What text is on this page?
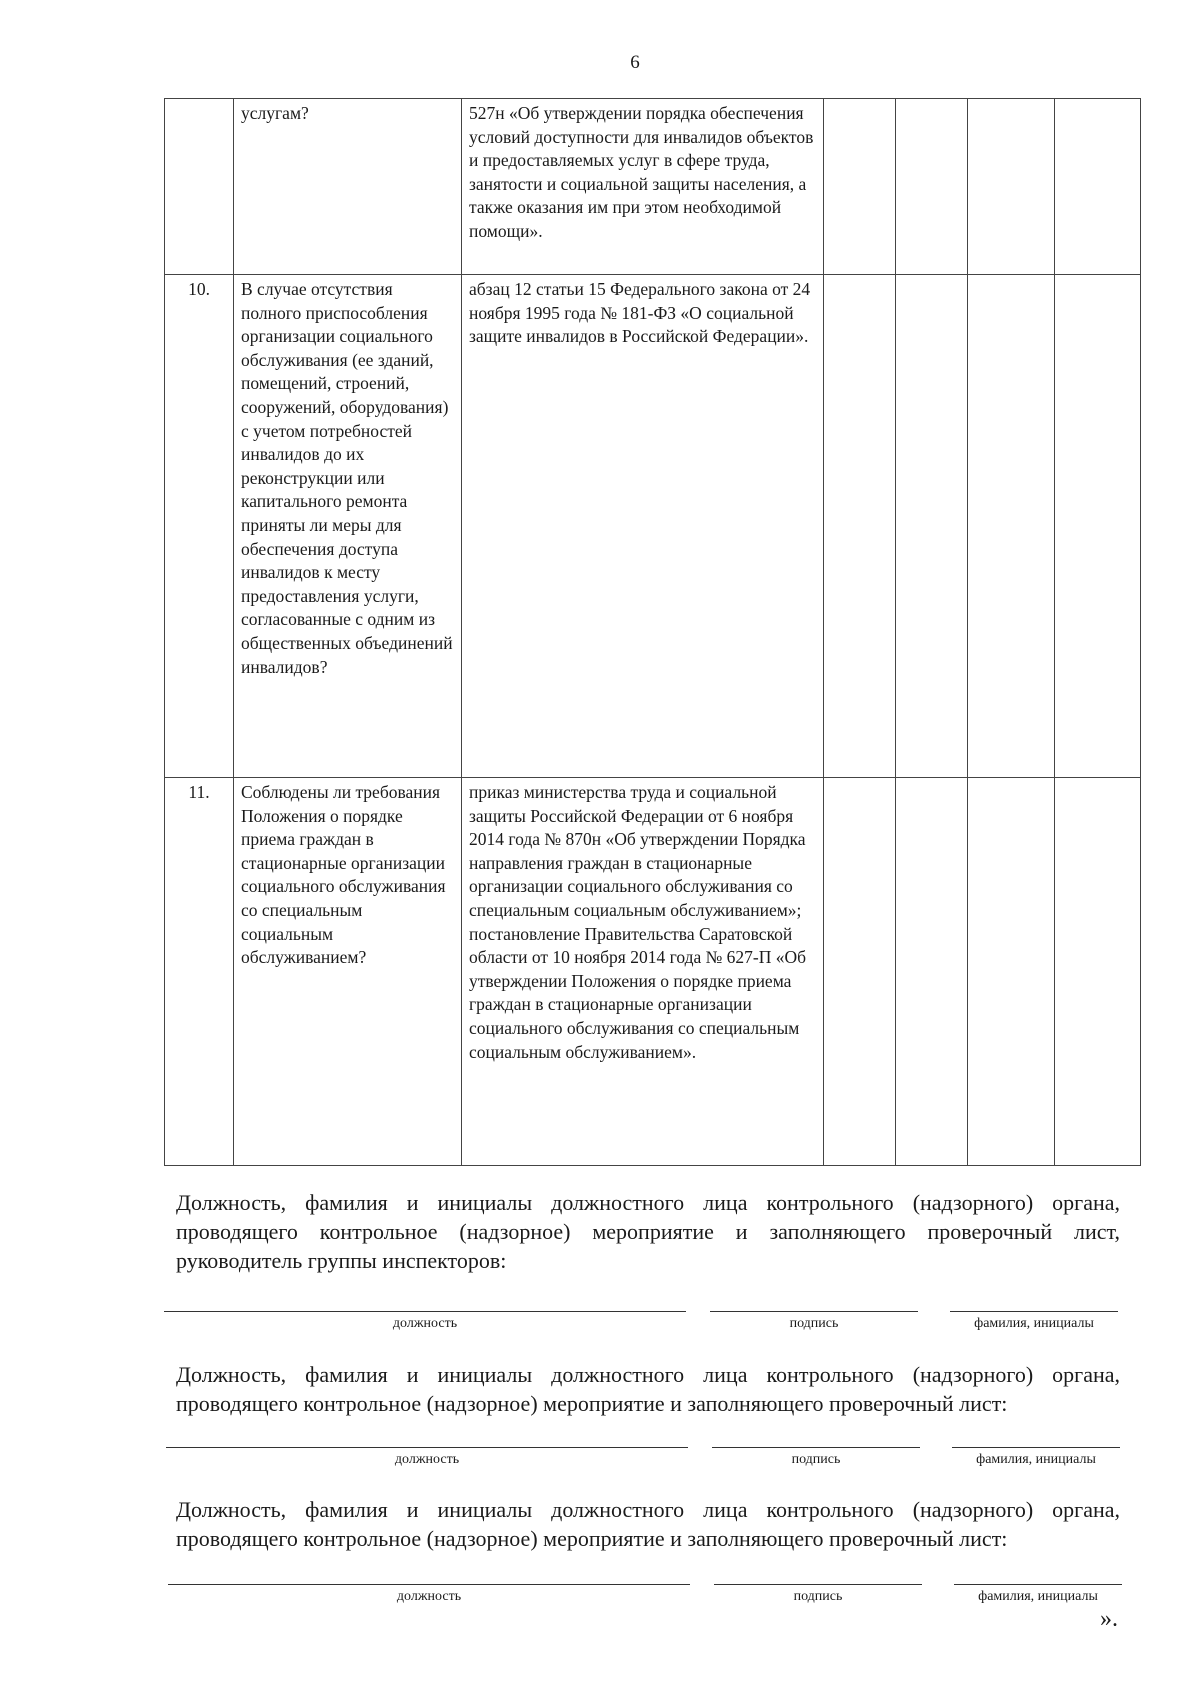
6
	услугам?	527н «Об утверждении порядка обеспечения условий доступности для инвалидов объектов и предоставляемых услуг в сфере труда, занятости и социальной защиты населения, а также оказания им при этом необходимой помощи».				
10.	В случае отсутствия полного приспособления организации социального обслуживания (ее зданий, помещений, строений, сооружений, оборудования) с учетом потребностей инвалидов до их реконструкции или капитального ремонта приняты ли меры для обеспечения доступа инвалидов к месту предоставления услуги, согласованные с одним из общественных объединений инвалидов?	абзац 12 статьи 15 Федерального закона от 24 ноября 1995 года № 181-ФЗ «О социальной защите инвалидов в Российской Федерации».				
11.	Соблюдены ли требования Положения о порядке приема граждан в стационарные организации социального обслуживания со специальным социальным обслуживанием?	приказ министерства труда и социальной защиты Российской Федерации от 6 ноября 2014 года № 870н «Об утверждении Порядка направления граждан в стационарные организации социального обслуживания со специальным социальным обслуживанием»; постановление Правительства Саратовской области от 10 ноября 2014 года № 627-П «Об утверждении Положения о порядке приема граждан в стационарные организации социального обслуживания со специальным социальным обслуживанием».				
Должность, фамилия и инициалы должностного лица контрольного (надзорного) органа, проводящего контрольное (надзорное) мероприятие и заполняющего проверочный лист, руководитель группы инспекторов:
должность	подпись	фамилия, инициалы
Должность, фамилия и инициалы должностного лица контрольного (надзорного) органа, проводящего контрольное (надзорное) мероприятие и заполняющего проверочный лист:
должность	подпись	фамилия, инициалы
Должность, фамилия и инициалы должностного лица контрольного (надзорного) органа, проводящего контрольное (надзорное) мероприятие и заполняющего проверочный лист:
должность	подпись	фамилия, инициалы
».
